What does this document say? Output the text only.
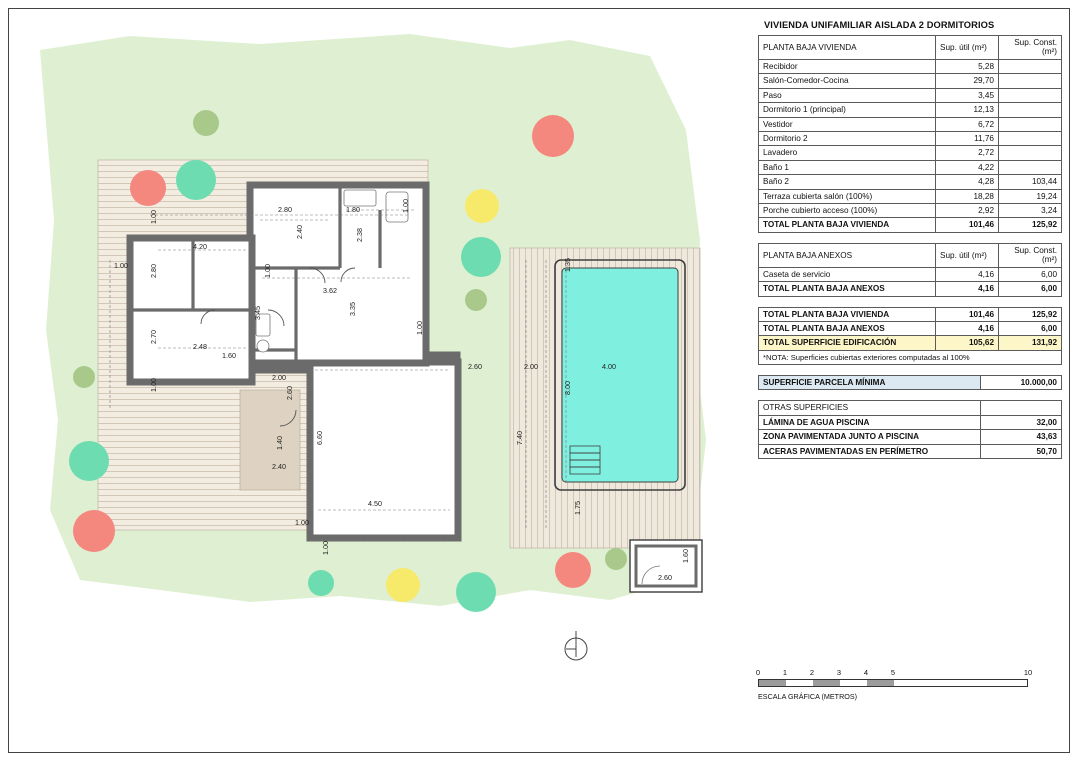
2.80	1.80	1.00
1.00
2.40	2.38
4.20
2.80
1.00	1.00
3.62
3.35
3.45
2.70
2.48
1.60
1.00
1.00
2.00
2.60
2.60	2.00	4.00
1.35
8.00
7.40
1.75
1.40	6.60
4.50
1.00
1.00
2.40
1.60
2.60
VIVIENDA UNIFAMILIAR AISLADA 2 DORMITORIOS
PLANTA BAJA VIVIENDA	Sup. útil (m²)	Sup. Const. (m²)
Recibidor	5,28	
Salón-Comedor-Cocina	29,70	
Paso	3,45	
Dormitorio 1 (principal)	12,13	
Vestidor	6,72	
Dormitorio 2	11,76	
Lavadero	2,72	
Baño 1	4,22	
Baño 2	4,28	103,44
Terraza cubierta salón (100%)	18,28	19,24
Porche cubierto acceso (100%)	2,92	3,24
TOTAL PLANTA BAJA VIVIENDA	101,46	125,92
PLANTA BAJA ANEXOS	Sup. útil (m²)	Sup. Const. (m²)
Caseta de servicio	4,16	6,00
TOTAL PLANTA BAJA ANEXOS	4,16	6,00
TOTAL PLANTA BAJA VIVIENDA	101,46	125,92
TOTAL PLANTA BAJA ANEXOS	4,16	6,00
TOTAL SUPERFICIE EDIFICACIÓN	105,62	131,92
*NOTA: Superficies cubiertas exteriores computadas al 100%
SUPERFICIE PARCELA MÍNIMA	10.000,00
OTRAS SUPERFICIES	
LÁMINA DE AGUA PISCINA	32,00
ZONA PAVIMENTADA JUNTO A PISCINA	43,63
ACERAS PAVIMENTADAS EN PERÍMETRO	50,70
0	1	2	3	4	5	10
ESCALA GRÁFICA (METROS)
